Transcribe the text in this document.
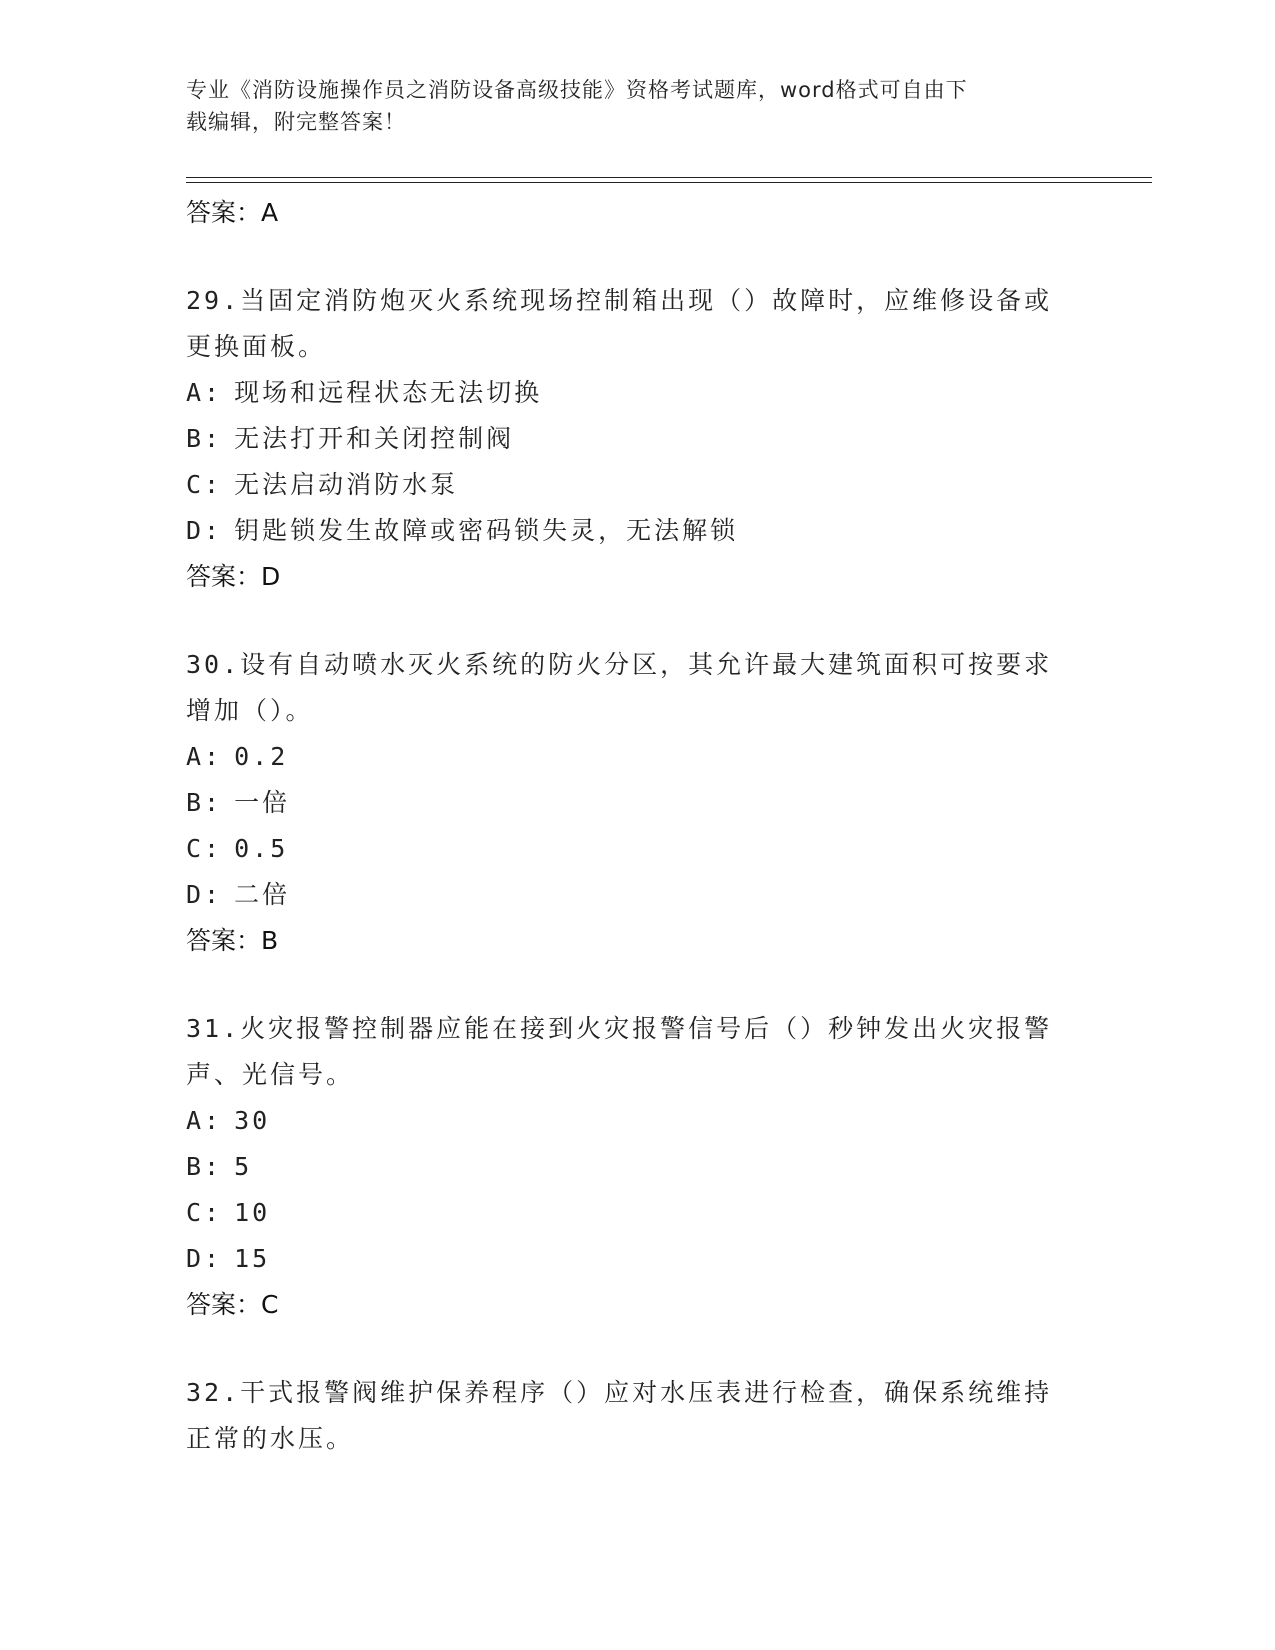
专业《消防设施操作员之消防设备高级技能》资格考试题库，word格式可自由下
载编辑，附完整答案！
答案：A
29.当固定消防炮灭火系统现场控制箱出现（）故障时，应维修设备或
更换面板。
A: 现场和远程状态无法切换
B: 无法打开和关闭控制阀
C: 无法启动消防水泵
D: 钥匙锁发生故障或密码锁失灵，无法解锁
答案：D
30.设有自动喷水灭火系统的防火分区，其允许最大建筑面积可按要求
增加（）。
A: 0.2
B: 一倍
C: 0.5
D: 二倍
答案：B
31.火灾报警控制器应能在接到火灾报警信号后（）秒钟发出火灾报警
声、光信号。
A: 30
B: 5
C: 10
D: 15
答案：C
32.干式报警阀维护保养程序（）应对水压表进行检查，确保系统维持
正常的水压。
